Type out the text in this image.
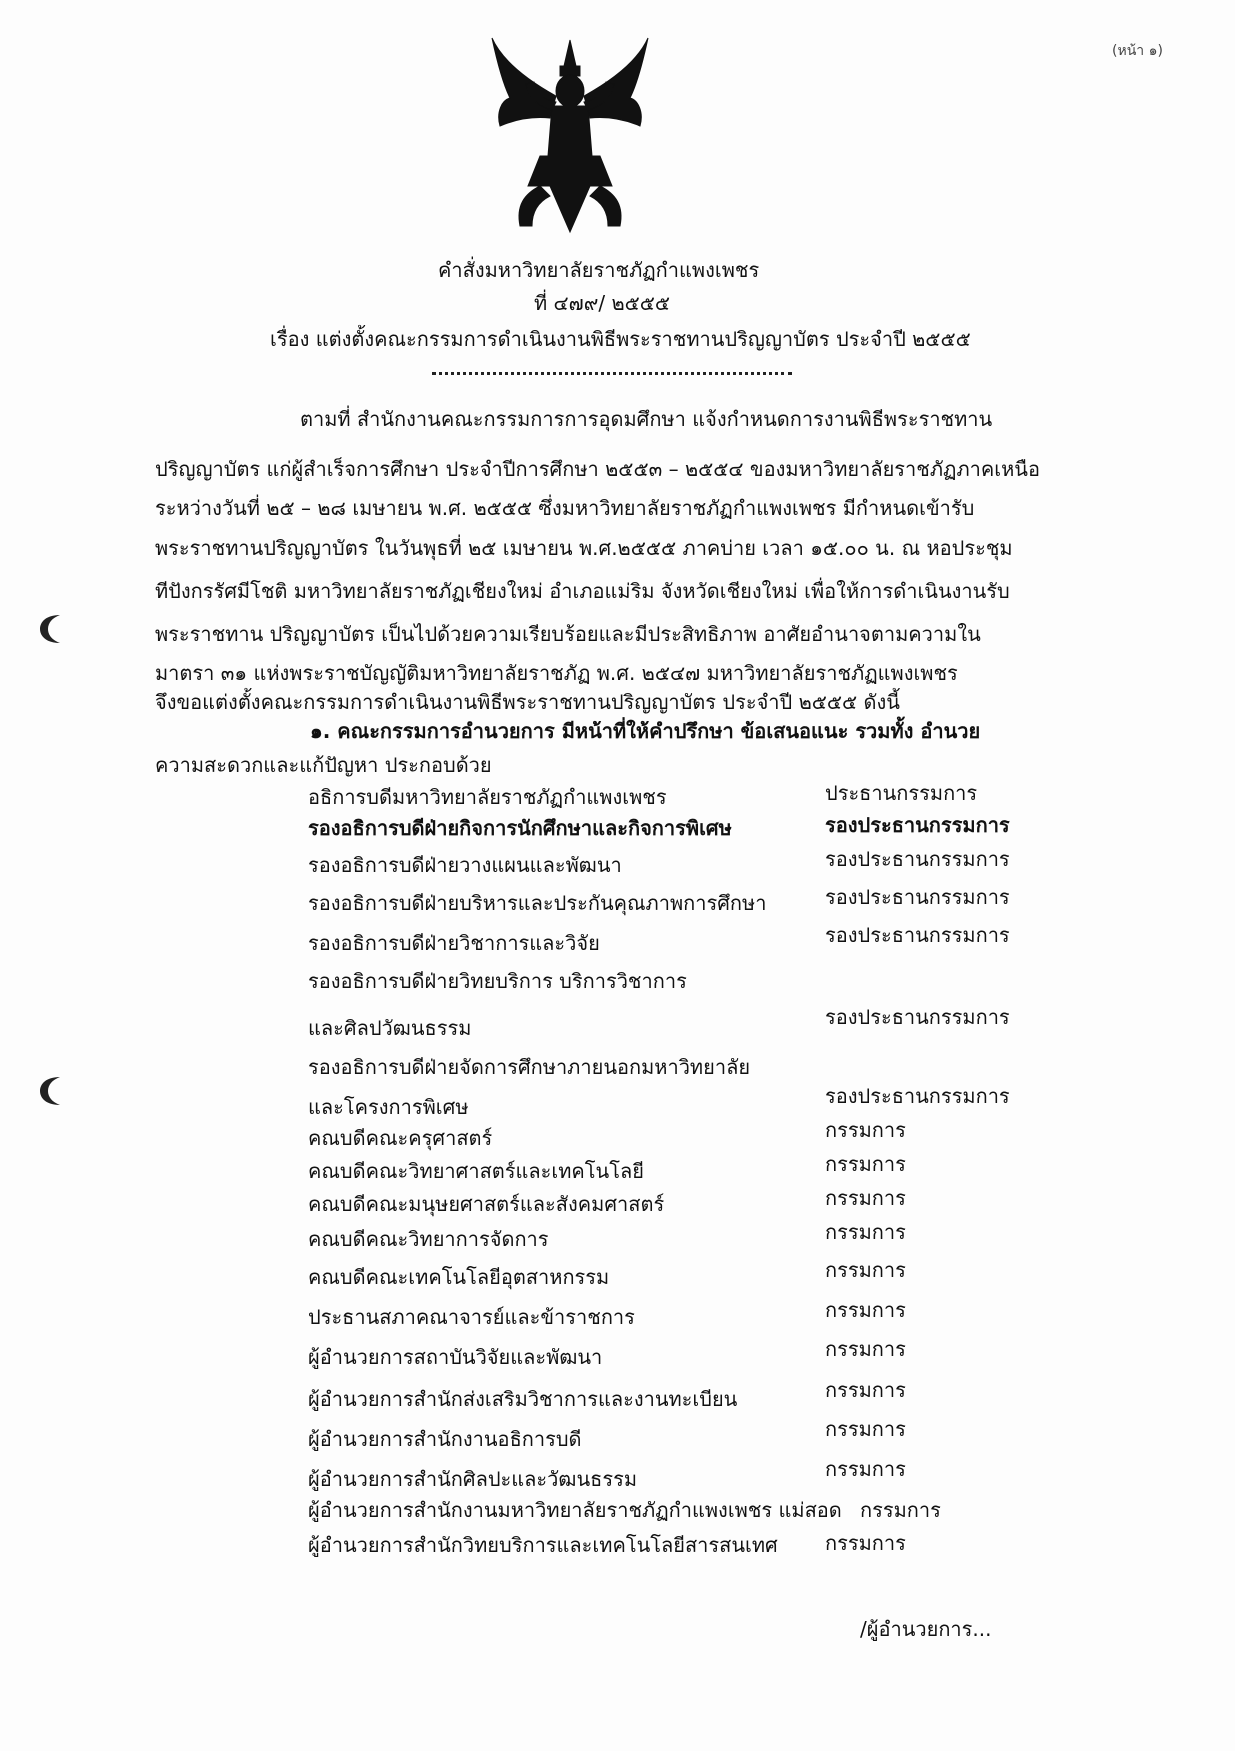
(หน้า ๑)
คำสั่งมหาวิทยาลัยราชภัฏกำแพงเพชร
ที่ ๔๗๙/ ๒๕๕๕
เรื่อง แต่งตั้งคณะกรรมการดำเนินงานพิธีพระราชทานปริญญาบัตร ประจำปี ๒๕๕๕
ตามที่ สำนักงานคณะกรรมการการอุดมศึกษา แจ้งกำหนดการงานพิธีพระราชทาน
ปริญญาบัตร แก่ผู้สำเร็จการศึกษา ประจำปีการศึกษา ๒๕๕๓ – ๒๕๕๔ ของมหาวิทยาลัยราชภัฏภาคเหนือ
ระหว่างวันที่ ๒๕ – ๒๘ เมษายน พ.ศ. ๒๕๕๕ ซึ่งมหาวิทยาลัยราชภัฏกำแพงเพชร มีกำหนดเข้ารับ
พระราชทานปริญญาบัตร ในวันพุธที่ ๒๕ เมษายน พ.ศ.๒๕๕๕ ภาคบ่าย เวลา ๑๕.๐๐ น. ณ หอประชุม
ทีปังกรรัศมีโชติ มหาวิทยาลัยราชภัฏเชียงใหม่ อำเภอแม่ริม จังหวัดเชียงใหม่ เพื่อให้การดำเนินงานรับ
พระราชทาน ปริญญาบัตร เป็นไปด้วยความเรียบร้อยและมีประสิทธิภาพ อาศัยอำนาจตามความใน
มาตรา ๓๑ แห่งพระราชบัญญัติมหาวิทยาลัยราชภัฏ พ.ศ. ๒๕๔๗ มหาวิทยาลัยราชภัฏแพงเพชร
จึงขอแต่งตั้งคณะกรรมการดำเนินงานพิธีพระราชทานปริญญาบัตร ประจำปี ๒๕๕๕ ดังนี้
๑. คณะกรรมการอำนวยการ มีหน้าที่ให้คำปรึกษา ข้อเสนอแนะ รวมทั้ง อำนวย
ความสะดวกและแก้ปัญหา ประกอบด้วย
อธิการบดีมหาวิทยาลัยราชภัฏกำแพงเพชร	ประธานกรรมการ
รองอธิการบดีฝ่ายกิจการนักศึกษาและกิจการพิเศษ	รองประธานกรรมการ
รองอธิการบดีฝ่ายวางแผนและพัฒนา	รองประธานกรรมการ
รองอธิการบดีฝ่ายบริหารและประกันคุณภาพการศึกษา	รองประธานกรรมการ
รองอธิการบดีฝ่ายวิชาการและวิจัย	รองประธานกรรมการ
รองอธิการบดีฝ่ายวิทยบริการ บริการวิชาการ
และศิลปวัฒนธรรม	รองประธานกรรมการ
รองอธิการบดีฝ่ายจัดการศึกษาภายนอกมหาวิทยาลัย
และโครงการพิเศษ	รองประธานกรรมการ
คณบดีคณะครุศาสตร์	กรรมการ
คณบดีคณะวิทยาศาสตร์และเทคโนโลยี	กรรมการ
คณบดีคณะมนุษยศาสตร์และสังคมศาสตร์	กรรมการ
คณบดีคณะวิทยาการจัดการ	กรรมการ
คณบดีคณะเทคโนโลยีอุตสาหกรรม	กรรมการ
ประธานสภาคณาจารย์และข้าราชการ	กรรมการ
ผู้อำนวยการสถาบันวิจัยและพัฒนา	กรรมการ
ผู้อำนวยการสำนักส่งเสริมวิชาการและงานทะเบียน	กรรมการ
ผู้อำนวยการสำนักงานอธิการบดี	กรรมการ
ผู้อำนวยการสำนักศิลปะและวัฒนธรรม	กรรมการ
ผู้อำนวยการสำนักงานมหาวิทยาลัยราชภัฏกำแพงเพชร แม่สอด กรรมการ
ผู้อำนวยการสำนักวิทยบริการและเทคโนโลยีสารสนเทศ กรรมการ
/ผู้อำนวยการ...
